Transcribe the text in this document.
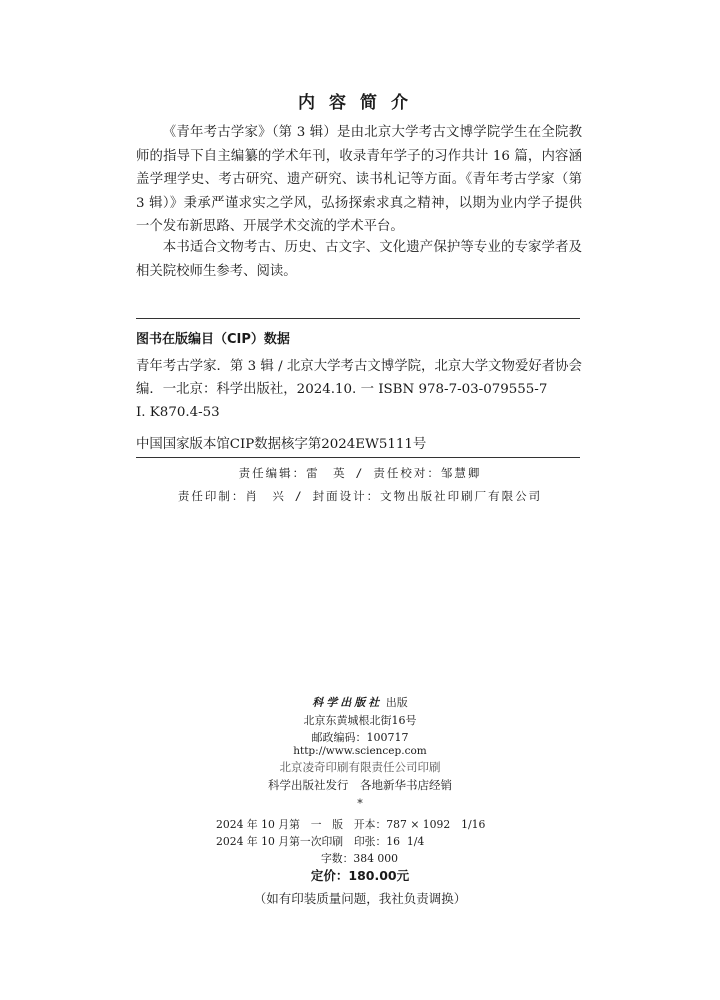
内容简介

《青年考古学家》（第 3 辑）是由北京大学考古文博学院学生在全院教师的指导下自主编纂的学术年刊，收录青年学子的习作共计 16 篇，内容涵盖学理学史、考古研究、遗产研究、读书札记等方面。《青年考古学家（第 3 辑）》秉承严谨求实之学风，弘扬探索求真之精神，以期为业内学子提供一个发布新思路、开展学术交流的学术平台。

本书适合文物考古、历史、古文字、文化遗产保护等专业的专家学者及相关院校师生参考、阅读。

图书在版编目（CIP）数据

青年考古学家．第 3 辑 / 北京大学考古文博学院，北京大学文物爱好者协会编．一北京：科学出版社，2024.10. 一 ISBN 978-7-03-079555-7

Ⅰ. K870.4-53
中国国家版本馆CIP数据核字第2024EW5111号
责任编辑：雷　英 / 责任校对：邹慧卿
责任印制：肖　兴 / 封面设计：文物出版社印刷厂有限公司
科学出版社 出版
北京东黄城根北街16号
邮政编码：100717
http://www.sciencep.com
北京凌奇印刷有限责任公司印刷
科学出版社发行　各地新华书店经销
*
2024 年 10 月第　一　版　开本：787 × 1092　1/16
2024 年 10 月第一次印刷　印张：16  1/4
字数：384 000
定价：180.00元
（如有印装质量问题，我社负责调换）
